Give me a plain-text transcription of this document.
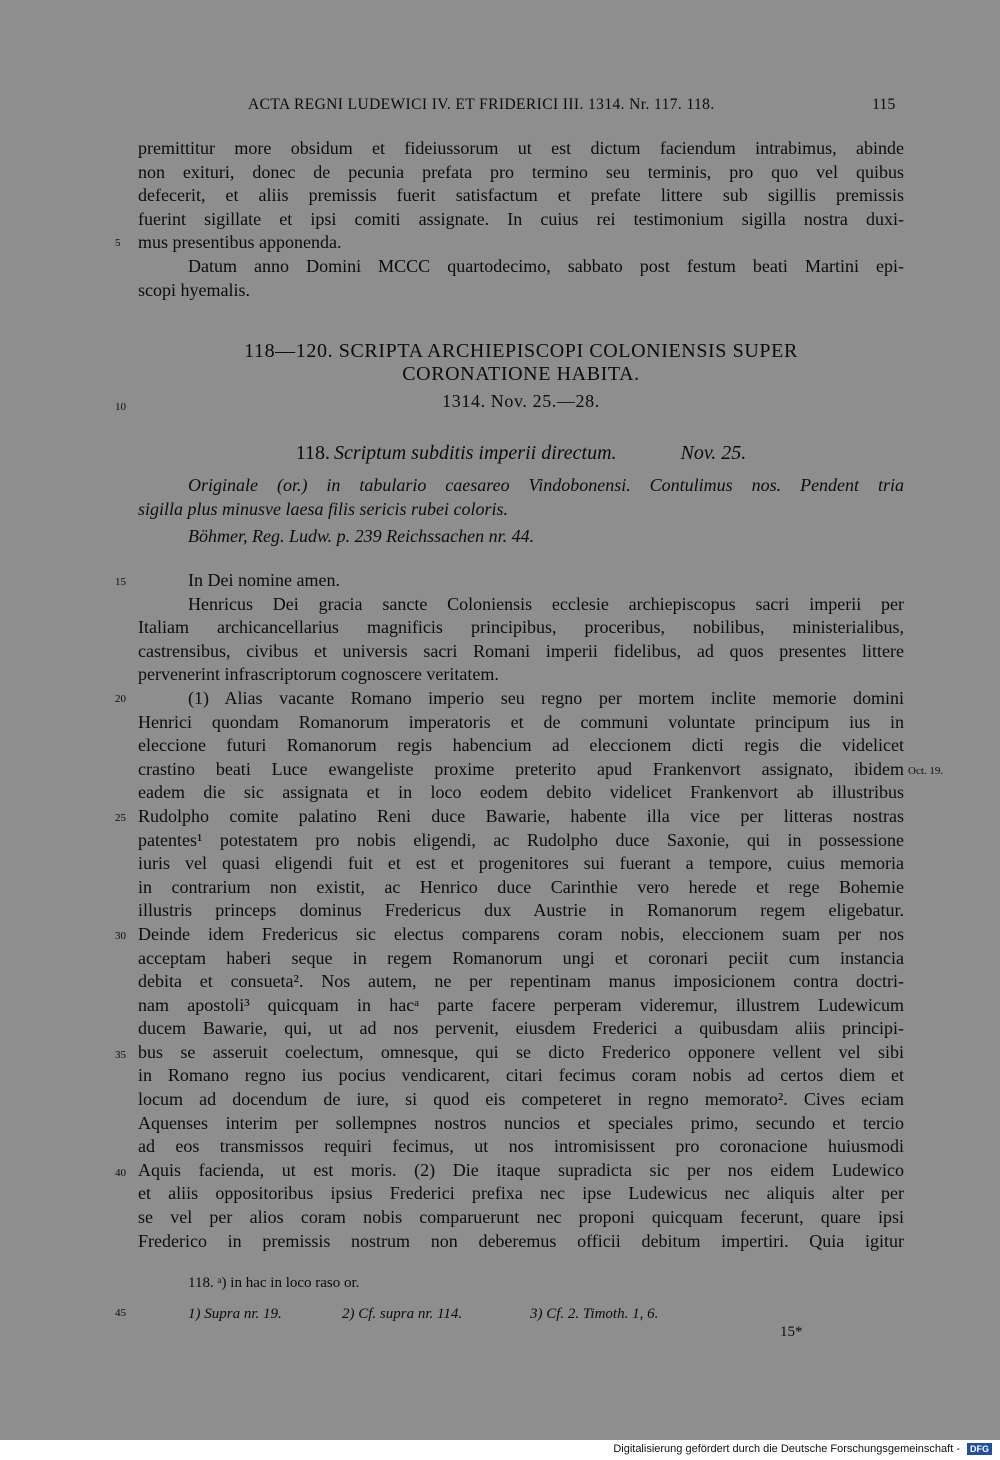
ACTA REGNI LUDEWICI IV. ET FRIDERICI III. 1314. Nr. 117. 118.	115
premittitur more obsidum et fideiussorum ut est dictum faciendum intrabimus, abinde
non exituri, donec de pecunia prefata pro termino seu terminis, pro quo vel quibus
defecerit, et aliis premissis fuerit satisfactum et prefate littere sub sigillis premissis
fuerint sigillate et ipsi comiti assignate. In cuius rei testimonium sigilla nostra duxi-
mus presentibus apponenda.
Datum anno Domini MCCC quartodecimo, sabbato post festum beati Martini epi-
scopi hyemalis.
118—120. SCRIPTA ARCHIEPISCOPI COLONIENSIS SUPER
CORONATIONE HABITA.
1314. Nov. 25.—28.
118. Scriptum subditis imperii directum.	Nov. 25.
Originale (or.) in tabulario caesareo Vindobonensi. Contulimus nos. Pendent tria
sigilla plus minusve laesa filis sericis rubei coloris.
Böhmer, Reg. Ludw. p. 239 Reichssachen nr. 44.
In Dei nomine amen.
Henricus Dei gracia sancte Coloniensis ecclesie archiepiscopus sacri imperii per
Italiam archicancellarius magnificis principibus, proceribus, nobilibus, ministerialibus,
castrensibus, civibus et universis sacri Romani imperii fidelibus, ad quos presentes littere
pervenerint infrascriptorum cognoscere veritatem.
(1) Alias vacante Romano imperio seu regno per mortem inclite memorie domini
Henrici quondam Romanorum imperatoris et de communi voluntate principum ius in
eleccione futuri Romanorum regis habencium ad eleccionem dicti regis die videlicet
crastino beati Luce ewangeliste proxime preterito apud Frankenvort assignato, ibidem
eadem die sic assignata et in loco eodem debito videlicet Frankenvort ab illustribus
Rudolpho comite palatino Reni duce Bawarie, habente illa vice per litteras nostras
patentes¹ potestatem pro nobis eligendi, ac Rudolpho duce Saxonie, qui in possessione
iuris vel quasi eligendi fuit et est et progenitores sui fuerant a tempore, cuius memoria
in contrarium non existit, ac Henrico duce Carinthie vero herede et rege Bohemie
illustris princeps dominus Fredericus dux Austrie in Romanorum regem eligebatur.
Deinde idem Fredericus sic electus comparens coram nobis, eleccionem suam per nos
acceptam haberi seque in regem Romanorum ungi et coronari peciit cum instancia
debita et consueta². Nos autem, ne per repentinam manus imposicionem contra doctri-
nam apostoli³ quicquam in hacᵃ parte facere perperam videremur, illustrem Ludewicum
ducem Bawarie, qui, ut ad nos pervenit, eiusdem Frederici a quibusdam aliis principi-
bus se asseruit coelectum, omnesque, qui se dicto Frederico opponere vellent vel sibi
in Romano regno ius pocius vendicarent, citari fecimus coram nobis ad certos diem et
locum ad docendum de iure, si quod eis competeret in regno memorato². Cives eciam
Aquenses interim per sollempnes nostros nuncios et speciales primo, secundo et tercio
ad eos transmissos requiri fecimus, ut nos intromisissent pro coronacione huiusmodi
Aquis facienda, ut est moris. (2) Die itaque supradicta sic per nos eidem Ludewico
et aliis oppositoribus ipsius Frederici prefixa nec ipse Ludewicus nec aliquis alter per
se vel per alios coram nobis comparuerunt nec proponi quicquam fecerunt, quare ipsi
Frederico in premissis nostrum non deberemus officii debitum impertiri. Quia igitur
5
10
15
20
25
30
35
40
45
Oct. 19.
118. ᵃ) in hac in loco raso or.
1) Supra nr. 19.	2) Cf. supra nr. 114.	3) Cf. 2. Timoth. 1, 6.
15*
Digitalisierung gefördert durch die Deutsche Forschungsgemeinschaft -	DFG
